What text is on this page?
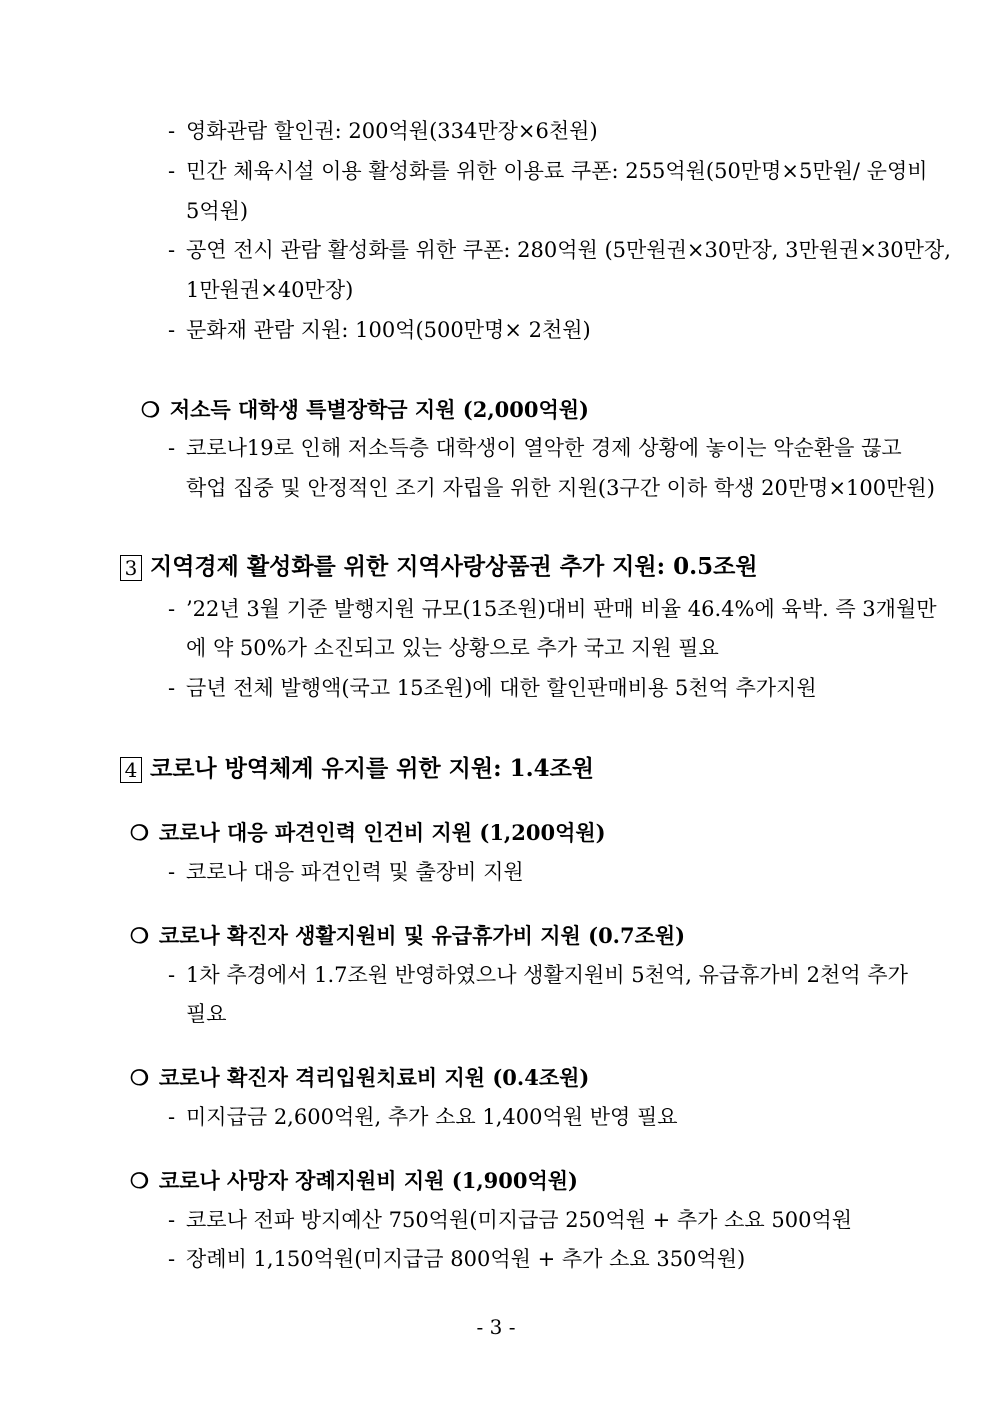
- 영화관람 할인권: 200억원(334만장×6천원)
- 민간 체육시설 이용 활성화를 위한 이용료 쿠폰: 255억원(50만명×5만원/ 운영비
5억원)
- 공연 전시 관람 활성화를 위한 쿠폰: 280억원 (5만원권×30만장, 3만원권×30만장,
1만원권×40만장)
- 문화재 관람 지원: 100억(500만명× 2천원)
❍ 저소득 대학생 특별장학금 지원 (2,000억원)
- 코로나19로 인해 저소득층 대학생이 열악한 경제 상황에 놓이는 악순환을 끊고
학업 집중 및 안정적인 조기 자립을 위한 지원(3구간 이하 학생 20만명×100만원)
3 지역경제 활성화를 위한 지역사랑상품권 추가 지원: 0.5조원
- ’22년 3월 기준 발행지원 규모(15조원)대비 판매 비율 46.4%에 육박. 즉 3개월만
에 약 50%가 소진되고 있는 상황으로 추가 국고 지원 필요
- 금년 전체 발행액(국고 15조원)에 대한 할인판매비용 5천억 추가지원
4 코로나 방역체계 유지를 위한 지원: 1.4조원
❍ 코로나 대응 파견인력 인건비 지원 (1,200억원)
- 코로나 대응 파견인력 및 출장비 지원
❍ 코로나 확진자 생활지원비 및 유급휴가비 지원 (0.7조원)
- 1차 추경에서 1.7조원 반영하였으나 생활지원비 5천억, 유급휴가비 2천억 추가
필요
❍ 코로나 확진자 격리입원치료비 지원 (0.4조원)
- 미지급금 2,600억원, 추가 소요 1,400억원 반영 필요
❍ 코로나 사망자 장례지원비 지원 (1,900억원)
- 코로나 전파 방지예산 750억원(미지급금 250억원 + 추가 소요 500억원
- 장례비 1,150억원(미지급금 800억원 + 추가 소요 350억원)
- 3 -
